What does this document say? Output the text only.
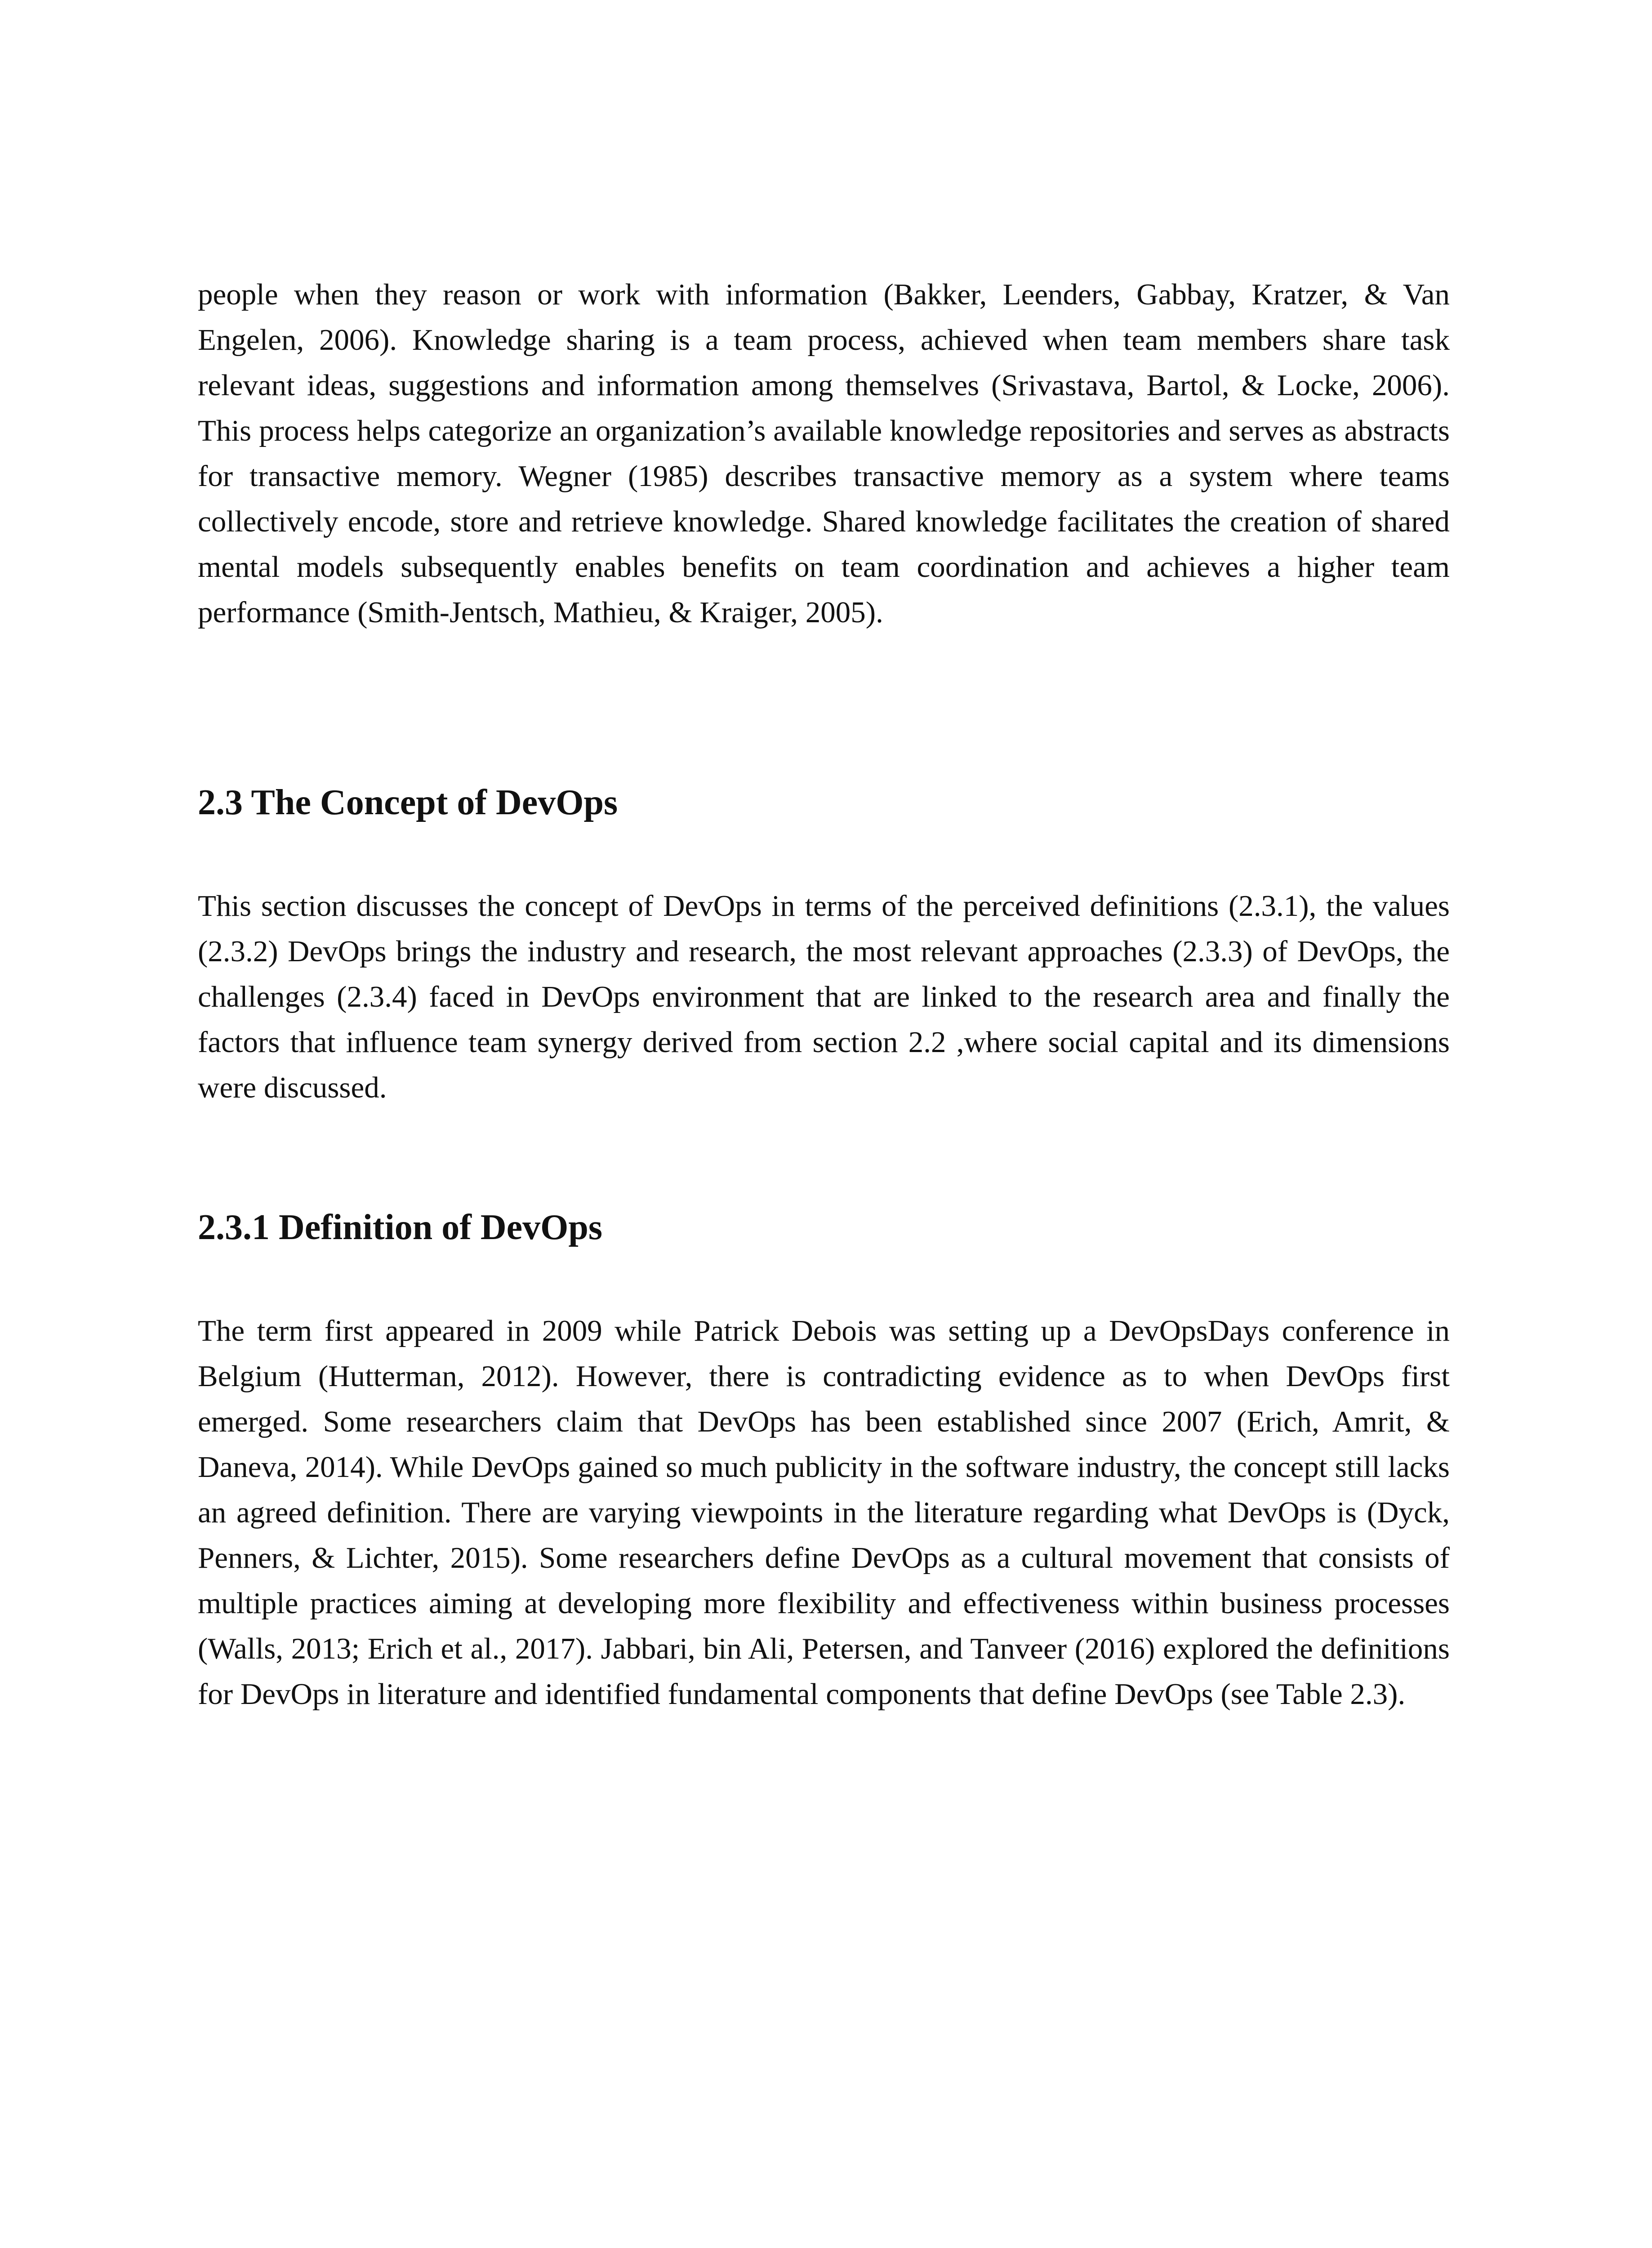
people when they reason or work with information (Bakker, Leenders, Gabbay, Kratzer, & Van Engelen, 2006). Knowledge sharing is a team process, achieved when team members share task relevant ideas, suggestions and information among themselves (Srivastava, Bartol, & Locke, 2006). This process helps categorize an organization’s available knowledge repositories and serves as abstracts for transactive memory. Wegner (1985) describes transactive memory as a system where teams collectively encode, store and retrieve knowledge. Shared knowledge facilitates the creation of shared mental models subsequently enables benefits on team coordination and achieves a higher team performance (Smith-Jentsch, Mathieu, & Kraiger, 2005).

2.3 The Concept of DevOps

This section discusses the concept of DevOps in terms of the perceived definitions (2.3.1), the values (2.3.2) DevOps brings the industry and research, the most relevant approaches (2.3.3) of DevOps, the challenges (2.3.4) faced in DevOps environment that are linked to the research area and finally the factors that influence team synergy derived from section 2.2 ,where social capital and its dimensions were discussed.

2.3.1 Definition of DevOps

The term first appeared in 2009 while Patrick Debois was setting up a DevOpsDays conference in Belgium (Hutterman, 2012). However, there is contradicting evidence as to when DevOps first emerged. Some researchers claim that DevOps has been established since 2007 (Erich, Amrit, & Daneva, 2014). While DevOps gained so much publicity in the software industry, the concept still lacks an agreed definition. There are varying viewpoints in the literature regarding what DevOps is (Dyck, Penners, & Lichter, 2015). Some researchers define DevOps as a cultural movement that consists of multiple practices aiming at developing more flexibility and effectiveness within business processes (Walls, 2013; Erich et al., 2017). Jabbari, bin Ali, Petersen, and Tanveer (2016) explored the definitions for DevOps in literature and identified fundamental components that define DevOps (see Table 2.3).
